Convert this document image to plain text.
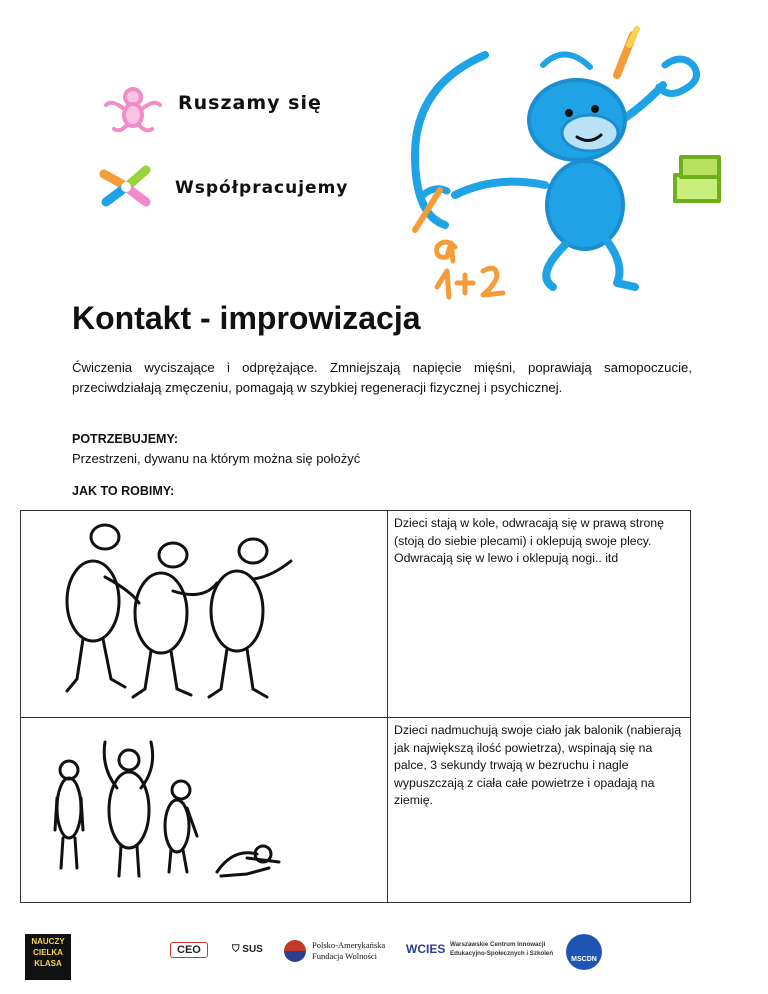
Ruszamy się
Współpracujemy
Kontakt - improwizacja
Ćwiczenia wyciszające i odprężające. Zmniejszają napięcie mięśni, poprawiają samopoczucie, przeciwdziałają zmęczeniu, pomagają w szybkiej regeneracji fizycznej i psychicznej.
POTRZEBUJEMY:
Przestrzeni, dywanu na którym można się położyć
JAK TO ROBIMY:
	Dzieci stają w kole, odwracają się w prawą stronę (stoją do siebie plecami) i oklepują swoje plecy. Odwracają się w lewo i oklepują nogi.. itd

	Dzieci nadmuchują swoje ciało jak balonik (nabierają jak największą ilość powietrza), wspinają się na palce, 3 sekundy trwają w bezruchu i nagle wypuszczają z ciała całe powietrze i opadają na ziemię.
NAUCZY CIELKA KLASA
CEO	⛉ SUS	Polsko-Amerykańska
Fundacja Wolności	WCIES Warszawskie Centrum Innowacji
Edukacyjno-Społecznych i Szkoleń
MSCDN
